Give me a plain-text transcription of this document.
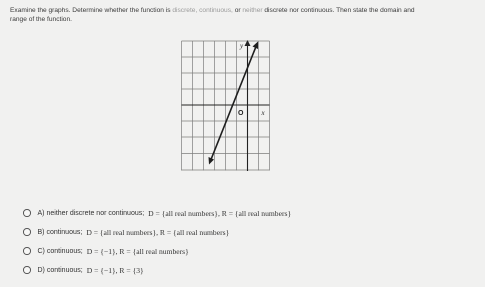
Examine the graphs. Determine whether the function is discrete, continuous, or neither discrete nor continuous. Then state the domain and
range of the function.
y
x
O
A) neither discrete nor continuous; D = {all real numbers}, R = {all real numbers}
B) continuous; D = {all real numbers}, R = {all real numbers}
C) continuous; D = {−1}, R = {all real numbers}
D) continuous; D = {−1}, R = {3}
